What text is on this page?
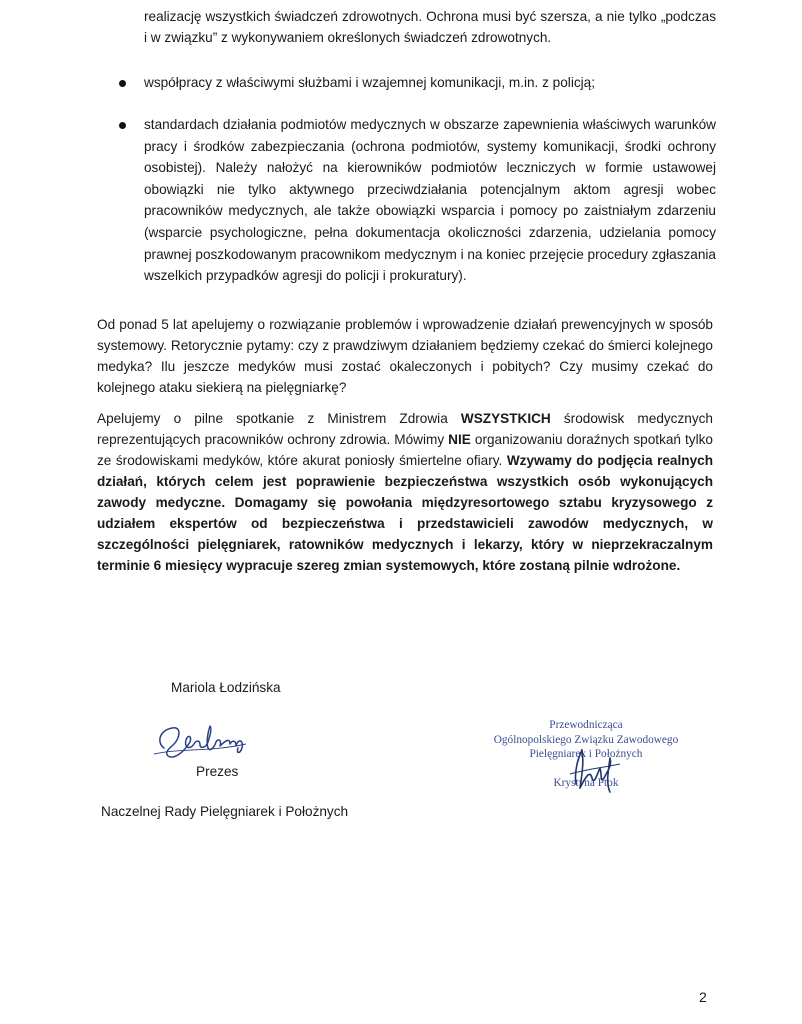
realizację wszystkich świadczeń zdrowotnych. Ochrona musi być szersza, a nie tylko „podczas i w związku” z wykonywaniem określonych świadczeń zdrowotnych.

współpracy z właściwymi służbami i wzajemnej komunikacji, m.in. z policją;

standardach działania podmiotów medycznych w obszarze zapewnienia właściwych warunków pracy i środków zabezpieczania (ochrona podmiotów, systemy komunikacji, środki ochrony osobistej). Należy nałożyć na kierowników podmiotów leczniczych w formie ustawowej obowiązki nie tylko aktywnego przeciwdziałania potencjalnym aktom agresji wobec pracowników medycznych, ale także obowiązki wsparcia i pomocy po zaistniałym zdarzeniu (wsparcie psychologiczne, pełna dokumentacja okoliczności zdarzenia, udzielania pomocy prawnej poszkodowanym pracownikom medycznym i na koniec przejęcie procedury zgłaszania wszelkich przypadków agresji do policji i prokuratury).

Od ponad 5 lat apelujemy o rozwiązanie problemów i wprowadzenie działań prewencyjnych w sposób systemowy. Retorycznie pytamy: czy z prawdziwym działaniem będziemy czekać do śmierci kolejnego medyka? Ilu jeszcze medyków musi zostać okaleczonych i pobitych? Czy musimy czekać do kolejnego ataku siekierą na pielęgniarkę?

Apelujemy o pilne spotkanie z Ministrem Zdrowia WSZYSTKICH środowisk medycznych reprezentujących pracowników ochrony zdrowia. Mówimy NIE organizowaniu doraźnych spotkań tylko ze środowiskami medyków, które akurat poniosły śmiertelne ofiary. Wzywamy do podjęcia realnych działań, których celem jest poprawienie bezpieczeństwa wszystkich osób wykonujących zawody medyczne. Domagamy się powołania międzyresortowego sztabu kryzysowego z udziałem ekspertów od bezpieczeństwa i przedstawicieli zawodów medycznych, w szczególności pielęgniarek, ratowników medycznych i lekarzy, który w nieprzekraczalnym terminie 6 miesięcy wypracuje szereg zmian systemowych, które zostaną pilnie wdrożone.

Mariola Łodzińska
Prezes
Naczelnej Rady Pielęgniarek i Położnych
Przewodnicząca
Ogólnopolskiego Związku Zawodowego
Pielęgniarek i Położnych
Krystyna Ptok
2
